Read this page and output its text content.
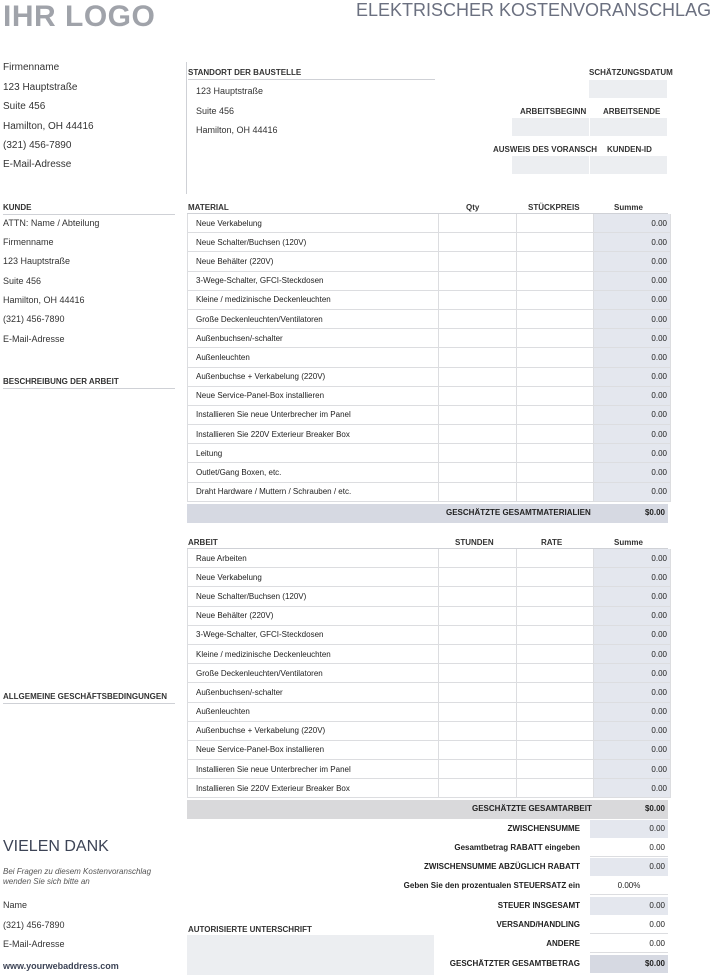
IHR LOGO	ELEKTRISCHER KOSTENVORANSCHLAG
Firmenname
123 Hauptstraße
Suite 456
Hamilton, OH 44416
(321) 456-7890
E-Mail-Adresse
STANDORT DER BAUSTELLE
123 Hauptstraße
Suite 456
Hamilton, OH 44416
SCHÄTZUNGSDATUM
ARBEITSBEGINN ARBEITSENDE
AUSWEIS DES VORANSCH KUNDEN-ID
KUNDE
ATTN: Name / Abteilung
Firmenname
123 Hauptstraße
Suite 456
Hamilton, OH 44416
(321) 456-7890
E-Mail-Adresse
BESCHREIBUNG DER ARBEIT
ALLGEMEINE GESCHÄFTSBEDINGUNGEN
MATERIAL	Qty	STÜCKPREIS	Summe
Neue Verkabelung			0.00
Neue Schalter/Buchsen (120V)			0.00
Neue Behälter (220V)			0.00
3-Wege-Schalter, GFCI-Steckdosen			0.00
Kleine / medizinische Deckenleuchten			0.00
Große Deckenleuchten/Ventilatoren			0.00
Außenbuchsen/-schalter			0.00
Außenleuchten			0.00
Außenbuchse + Verkabelung (220V)			0.00
Neue Service-Panel-Box installieren			0.00
Installieren Sie neue Unterbrecher im Panel			0.00
Installieren Sie 220V Exterieur Breaker Box			0.00
Leitung			0.00
Outlet/Gang Boxen, etc.			0.00
Draht Hardware / Muttern / Schrauben / etc.			0.00
GESCHÄTZTE GESAMTMATERIALIEN	$0.00
ARBEIT	STUNDEN	RATE	Summe
Raue Arbeiten			0.00
Neue Verkabelung			0.00
Neue Schalter/Buchsen (120V)			0.00
Neue Behälter (220V)			0.00
3-Wege-Schalter, GFCI-Steckdosen			0.00
Kleine / medizinische Deckenleuchten			0.00
Große Deckenleuchten/Ventilatoren			0.00
Außenbuchsen/-schalter			0.00
Außenleuchten			0.00
Außenbuchse + Verkabelung (220V)			0.00
Neue Service-Panel-Box installieren			0.00
Installieren Sie neue Unterbrecher im Panel			0.00
Installieren Sie 220V Exterieur Breaker Box			0.00
GESCHÄTZTE GESAMTARBEIT	$0.00
ZWISCHENSUMME	0.00
Gesamtbetrag RABATT eingeben	0.00
ZWISCHENSUMME ABZÜGLICH RABATT	0.00
Geben Sie den prozentualen STEUERSATZ ein	0.00%
STEUER INSGESAMT	0.00
VERSAND/HANDLING	0.00
ANDERE	0.00
GESCHÄTZTER GESAMTBETRAG	$0.00
VIELEN DANK
Bei Fragen zu diesem Kostenvoranschlag wenden Sie sich bitte an
Name
(321) 456-7890
E-Mail-Adresse
www.yourwebaddress.com
AUTORISIERTE UNTERSCHRIFT
